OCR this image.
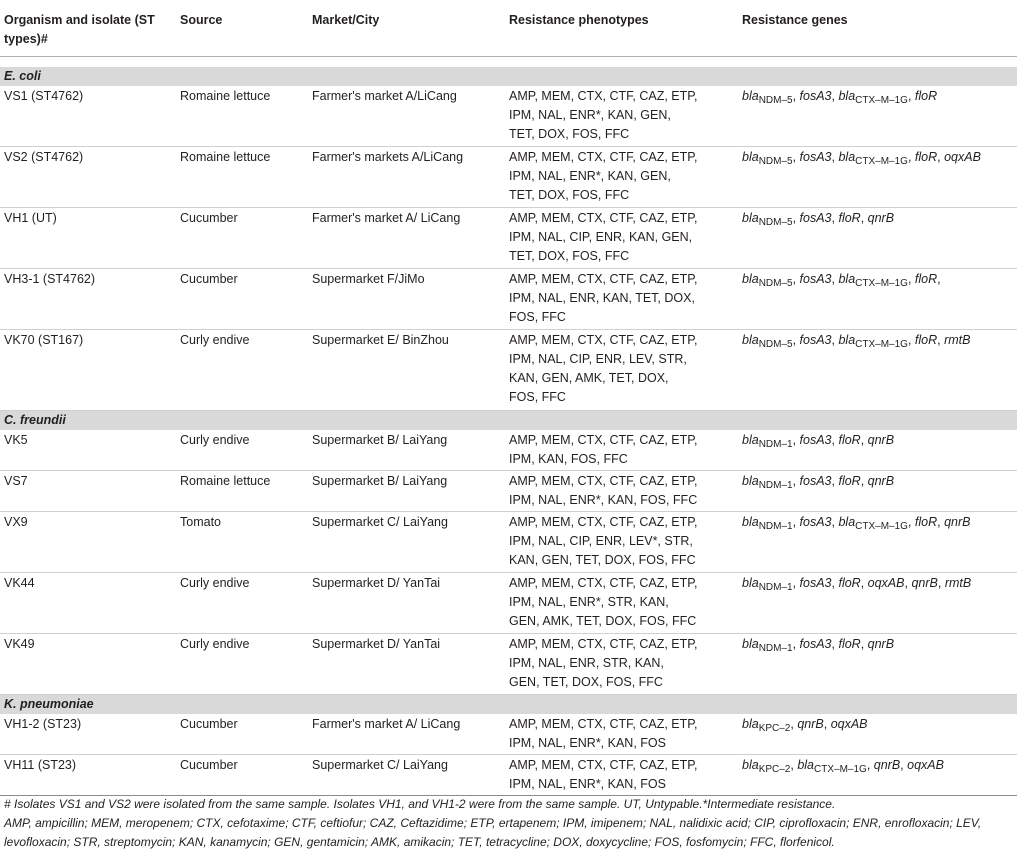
Organism and isolate (ST types)#	Source	Market/City	Resistance phenotypes	Resistance genes

E. coli				
VS1 (ST4762)	Romaine lettuce	Farmer's market A/LiCang	AMP, MEM, CTX, CTF, CAZ, ETP,
IPM, NAL, ENR*, KAN, GEN,
TET, DOX, FOS, FFC	bla$_{NDM-5}$, fosA3, bla$_{CTX-M-1G}$, floR
VS2 (ST4762)	Romaine lettuce	Farmer's markets A/LiCang	AMP, MEM, CTX, CTF, CAZ, ETP,
IPM, NAL, ENR*, KAN, GEN,
TET, DOX, FOS, FFC	bla$_{NDM-5}$, fosA3, bla$_{CTX-M-1G}$, floR, oqxAB
VH1 (UT)	Cucumber	Farmer's market A/ LiCang	AMP, MEM, CTX, CTF, CAZ, ETP,
IPM, NAL, CIP, ENR, KAN, GEN,
TET, DOX, FOS, FFC	bla$_{NDM-5}$, fosA3, floR, qnrB
VH3-1 (ST4762)	Cucumber	Supermarket F/JiMo	AMP, MEM, CTX, CTF, CAZ, ETP,
IPM, NAL, ENR, KAN, TET, DOX,
FOS, FFC	bla$_{NDM-5}$, fosA3, bla$_{CTX-M-1G}$, floR,
VK70 (ST167)	Curly endive	Supermarket E/ BinZhou	AMP, MEM, CTX, CTF, CAZ, ETP,
IPM, NAL, CIP, ENR, LEV, STR,
KAN, GEN, AMK, TET, DOX,
FOS, FFC	bla$_{NDM-5}$, fosA3, bla$_{CTX-M-1G}$, floR, rmtB
C. freundii				
VK5	Curly endive	Supermarket B/ LaiYang	AMP, MEM, CTX, CTF, CAZ, ETP,
IPM, KAN, FOS, FFC	bla$_{NDM-1}$, fosA3, floR, qnrB
VS7	Romaine lettuce	Supermarket B/ LaiYang	AMP, MEM, CTX, CTF, CAZ, ETP,
IPM, NAL, ENR*, KAN, FOS, FFC	bla$_{NDM-1}$, fosA3, floR, qnrB
VX9	Tomato	Supermarket C/ LaiYang	AMP, MEM, CTX, CTF, CAZ, ETP,
IPM, NAL, CIP, ENR, LEV*, STR,
KAN, GEN, TET, DOX, FOS, FFC	bla$_{NDM-1}$, fosA3, bla$_{CTX-M-1G}$, floR, qnrB
VK44	Curly endive	Supermarket D/ YanTai	AMP, MEM, CTX, CTF, CAZ, ETP,
IPM, NAL, ENR*, STR, KAN,
GEN, AMK, TET, DOX, FOS, FFC	bla$_{NDM-1}$, fosA3, floR, oqxAB, qnrB, rmtB
VK49	Curly endive	Supermarket D/ YanTai	AMP, MEM, CTX, CTF, CAZ, ETP,
IPM, NAL, ENR, STR, KAN,
GEN, TET, DOX, FOS, FFC	bla$_{NDM-1}$, fosA3, floR, qnrB
K. pneumoniae				
VH1-2 (ST23)	Cucumber	Farmer's market A/ LiCang	AMP, MEM, CTX, CTF, CAZ, ETP,
IPM, NAL, ENR*, KAN, FOS	bla$_{KPC-2}$, qnrB, oqxAB
VH11 (ST23)	Cucumber	Supermarket C/ LaiYang	AMP, MEM, CTX, CTF, CAZ, ETP,
IPM, NAL, ENR*, KAN, FOS	bla$_{KPC-2}$, bla$_{CTX-M-1G}$, qnrB, oqxAB

# Isolates VS1 and VS2 were isolated from the same sample. Isolates VH1, and VH1-2 were from the same sample. UT, Untypable.*Intermediate resistance.

AMP, ampicillin; MEM, meropenem; CTX, cefotaxime; CTF, ceftiofur; CAZ, Ceftazidime; ETP, ertapenem; IPM, imipenem; NAL, nalidixic acid; CIP, ciprofloxacin; ENR, enrofloxacin; LEV,

levofloxacin; STR, streptomycin; KAN, kanamycin; GEN, gentamicin; AMK, amikacin; TET, tetracycline; DOX, doxycycline; FOS, fosfomycin; FFC, florfenicol.
